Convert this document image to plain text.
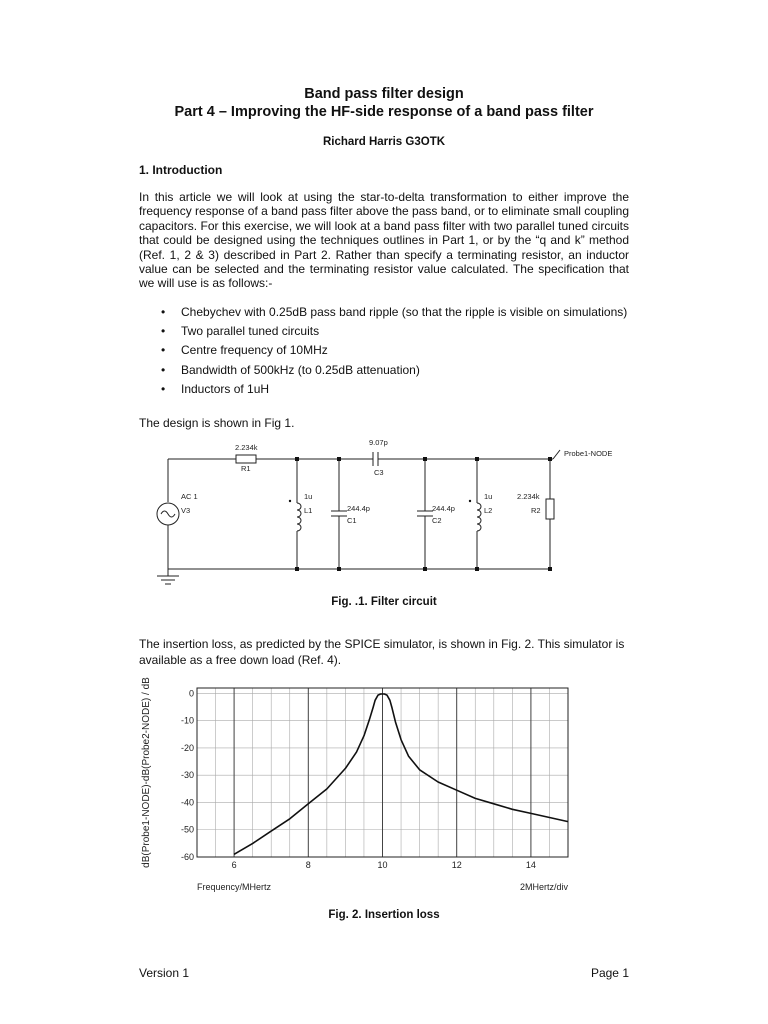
Band pass filter design
Part 4 – Improving the HF-side response of a band pass filter
Richard Harris G3OTK
1. Introduction
In this article we will look at using the star-to-delta transformation to either improve the frequency response of a band pass filter above the pass band, or to eliminate small coupling capacitors. For this exercise, we will look at a band pass filter with two parallel tuned circuits that could be designed using the techniques outlines in Part 1, or by the “q and k” method (Ref. 1, 2 & 3) described in Part 2. Rather than specify a terminating resistor, an inductor value can be selected and the terminating resistor value calculated. The specification that we will use is as follows:-
• Chebychev with 0.25dB pass band ripple (so that the ripple is visible on simulations)
• Two parallel tuned circuits
• Centre frequency of 10MHz
• Bandwidth of 500kHz (to 0.25dB attenuation)
• Inductors of 1uH
The design is shown in Fig 1.
2.234k
R1
9.07p
C3
Probe1-NODE
AC 1
V3
1u
L1	244.4p
C1
244.4p
C2
1u
L2
2.234k
R2
Fig. .1. Filter circuit
The insertion loss, as predicted by the SPICE simulator, is shown in Fig. 2. This simulator is available as a free down load (Ref. 4).
dB(Probe1-NODE)-dB(Probe2-NODE) / dB
Frequency/MHertz	2MHertz/div
0
-10
-20
-30
-40
-50
-60
6	8	10	12	14
Fig. 2. Insertion loss
Version 1	Page 1
